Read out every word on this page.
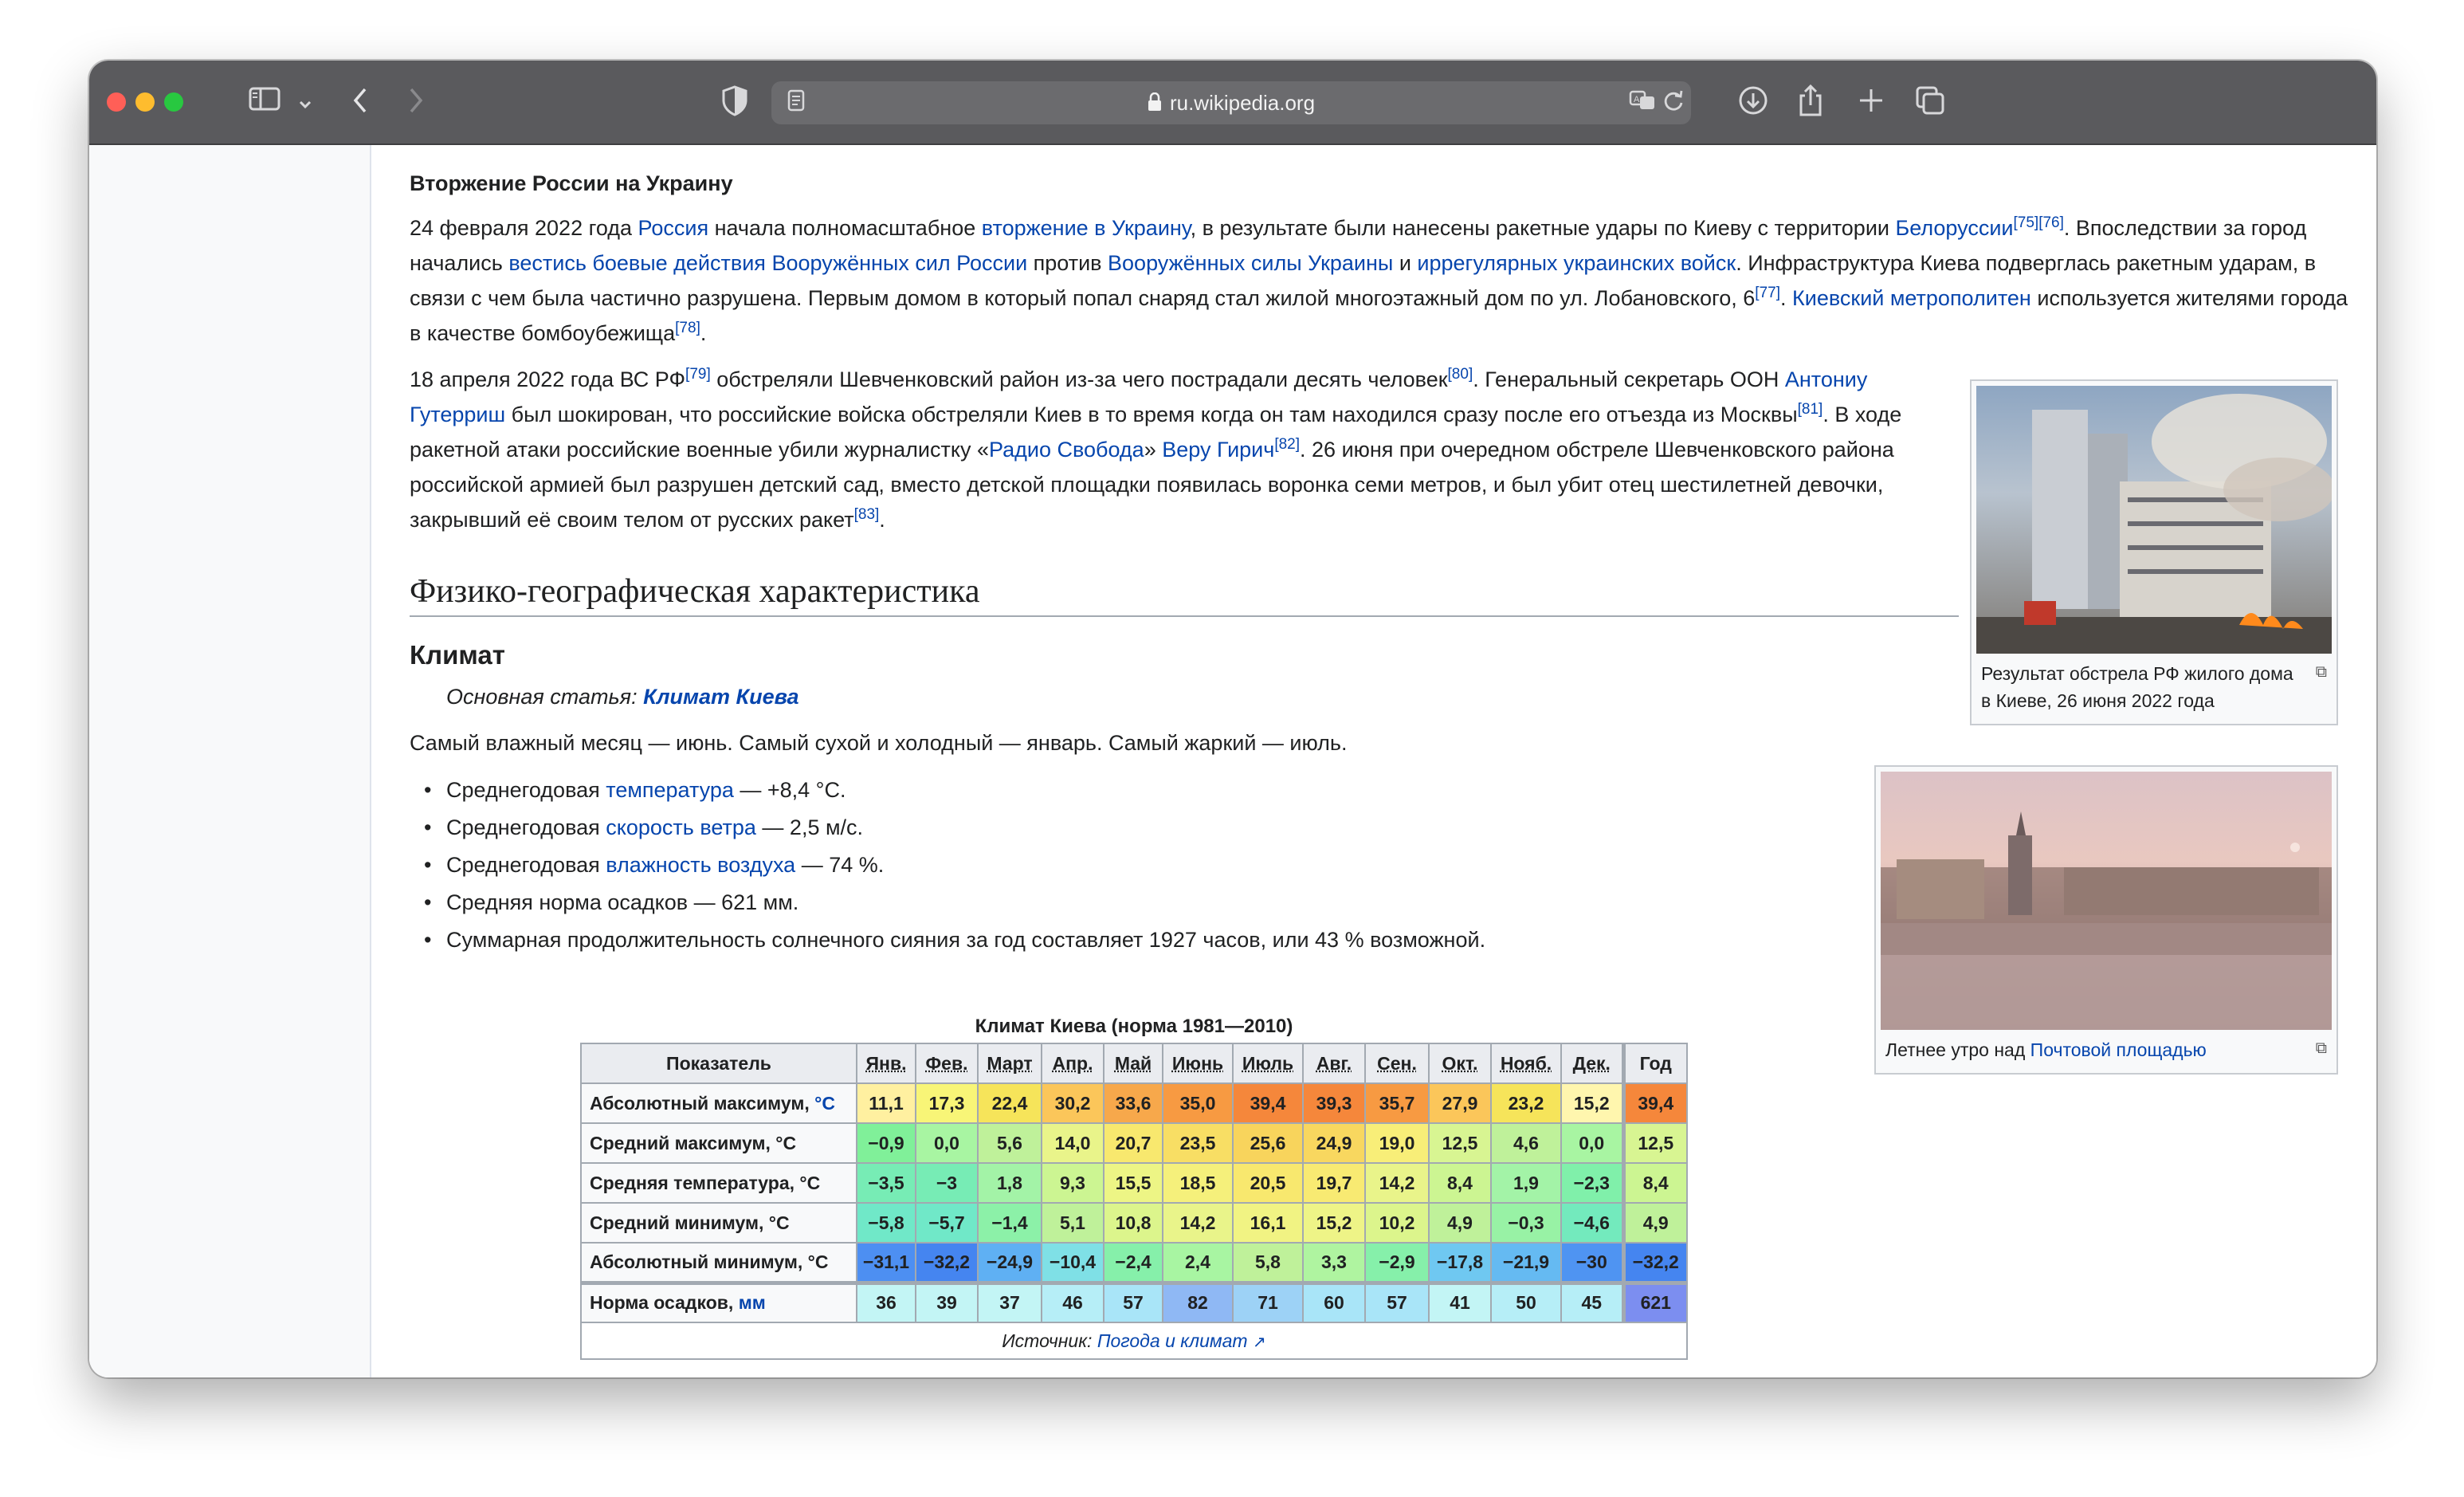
ru.wikipedia.org	A
Вторжение России на Украину

24 февраля 2022 года Россия начала полномасштабное вторжение в Украину, в результате были нанесены ракетные удары по Киеву с территории Белоруссии[75][76]. Впоследствии за город начались вестись боевые действия Вооружённых сил России против Вооружённых силы Украины и иррегулярных украинских войск. Инфраструктура Киева подверглась ракетным ударам, в связи с чем была частично разрушена. Первым домом в который попал снаряд стал жилой многоэтажный дом по ул. Лобановского, 6[77]. Киевский метрополитен используется жителями города в качестве бомбоубежища[78].

18 апреля 2022 года ВС РФ[79] обстреляли Шевченковский район из-за чего пострадали десять человек[80]. Генеральный секретарь ООН Антониу Гутерриш был шокирован, что российские войска обстреляли Киев в то время когда он там находился сразу после его отъезда из Москвы[81]. В ходе ракетной атаки российские военные убили журналистку «Радио Свобода» Веру Гирич[82]. 26 июня при очередном обстреле Шевченковского района российской армией был разрушен детский сад, вместо детской площадки появилась воронка семи метров, и был убит отец шестилетней девочки, закрывший её своим телом от русских ракет[83].

Физико-географическая характеристика
Климат
Основная статья: Климат Киева

Самый влажный месяц — июнь. Самый сухой и холодный — январь. Самый жаркий — июль.

• Среднегодовая температура — +8,4 °C.
• Среднегодовая скорость ветра — 2,5 м/с.
• Среднегодовая влажность воздуха — 74 %.
• Средняя норма осадков — 621 мм.
• Суммарная продолжительность солнечного сияния за год составляет 1927 часов, или 43 % возможной.
Результат обстрела РФ жилого дома в Киеве, 26 июня 2022 года
⧉
Летнее утро над Почтовой площадью	⧉
Климат Киева (норма 1981—2010)
Показатель	Янв.	Фев.	Март	Апр.	Май	Июнь	Июль	Авг.	Сен.	Окт.	Нояб.	Дек.	Год
Абсолютный максимум, °C	11,1	17,3	22,4	30,2	33,6	35,0	39,4	39,3	35,7	27,9	23,2	15,2	39,4
Средний максимум, °C	−0,9	0,0	5,6	14,0	20,7	23,5	25,6	24,9	19,0	12,5	4,6	0,0	12,5
Средняя температура, °C	−3,5	−3	1,8	9,3	15,5	18,5	20,5	19,7	14,2	8,4	1,9	−2,3	8,4
Средний минимум, °C	−5,8	−5,7	−1,4	5,1	10,8	14,2	16,1	15,2	10,2	4,9	−0,3	−4,6	4,9
Абсолютный минимум, °C	−31,1	−32,2	−24,9	−10,4	−2,4	2,4	5,8	3,3	−2,9	−17,8	−21,9	−30	−32,2
Норма осадков, мм	36	39	37	46	57	82	71	60	57	41	50	45	621
Источник: Погода и климат ↗
